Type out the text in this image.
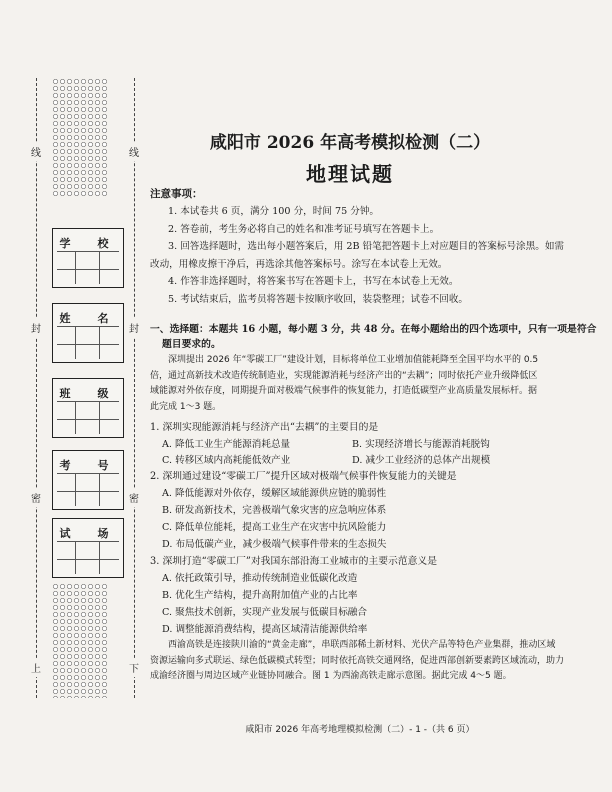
线	线
封	封
密	密
上	下
学　校
姓　名
班　级
考　号
试　场
咸阳市 2026 年高考模拟检测（二）
地理试题
注意事项：
1. 本试卷共 6 页，满分 100 分，时间 75 分钟。
2. 答卷前，考生务必将自己的姓名和准考证号填写在答题卡上。
3. 回答选择题时，选出每小题答案后，用 2B 铅笔把答题卡上对应题目的答案标号涂黑。如需
改动，用橡皮擦干净后，再选涂其他答案标号。涂写在本试卷上无效。
4. 作答非选择题时，将答案书写在答题卡上，书写在本试卷上无效。
5. 考试结束后，监考员将答题卡按顺序收回，装袋整理；试卷不回收。
一、选择题：本题共 16 小题，每小题 3 分，共 48 分。在每小题给出的四个选项中，只有一项是符合
题目要求的。
深圳提出 2026 年“零碳工厂”建设计划，目标将单位工业增加值能耗降至全国平均水平的 0.5
倍，通过高新技术改造传统制造业，实现能源消耗与经济产出的“去耦”；同时依托产业升级降低区
域能源对外依存度，同期提升面对极端气候事件的恢复能力，打造低碳型产业高质量发展标杆。据
此完成 1～3 题。
1. 深圳实现能源消耗与经济产出“去耦”的主要目的是
A. 降低工业生产能源消耗总量	B. 实现经济增长与能源消耗脱钩
C. 转移区域内高耗能低效产业	D. 减少工业经济的总体产出规模
2. 深圳通过建设“零碳工厂”提升区域对极端气候事件恢复能力的关键是
A. 降低能源对外依存，缓解区域能源供应链的脆弱性
B. 研发高新技术，完善极端气象灾害的应急响应体系
C. 降低单位能耗，提高工业生产在灾害中抗风险能力
D. 布局低碳产业，减少极端气候事件带来的生态损失
3. 深圳打造“零碳工厂”对我国东部沿海工业城市的主要示范意义是
A. 依托政策引导，推动传统制造业低碳化改造
B. 优化生产结构，提升高附加值产业的占比率
C. 聚焦技术创新，实现产业发展与低碳目标融合
D. 调整能源消费结构，提高区域清洁能源供给率
西渝高铁是连接陕川渝的“黄金走廊”，串联西部稀土新材料、光伏产品等特色产业集群，推动区域
资源运输向多式联运、绿色低碳模式转型；同时依托高铁交通网络，促进西部创新要素跨区域流动，助力
成渝经济圈与周边区域产业链协同融合。图 1 为西渝高铁走廊示意图。据此完成 4～5 题。
咸阳市 2026 年高考地理模拟检测（二）- 1 -（共 6 页）
